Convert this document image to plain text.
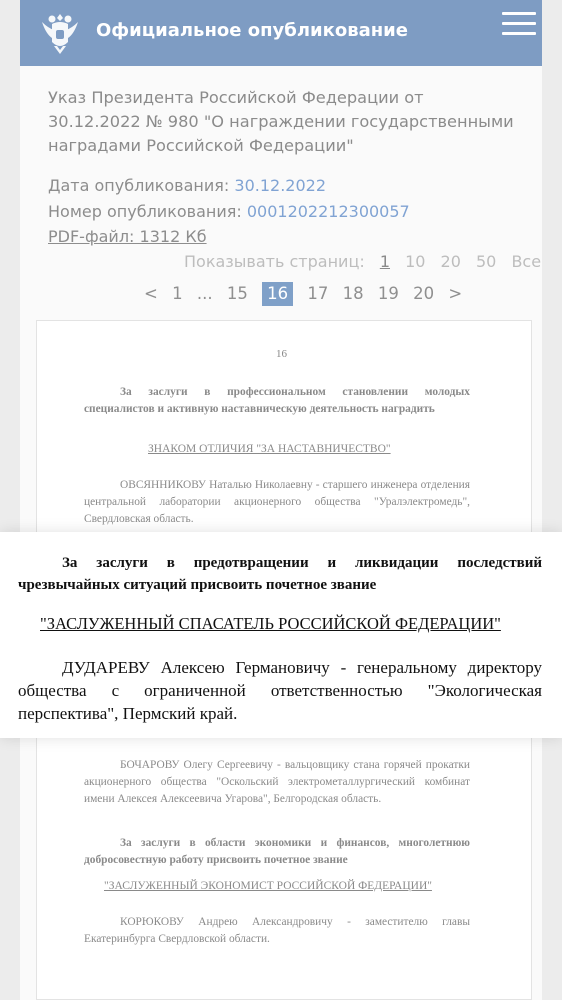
Официальное опубликование
Указ Президента Российской Федерации от 30.12.2022 № 980 "О награждении государственными наградами Российской Федерации"
Дата опубликования: 30.12.2022
Номер опубликования: 0001202212300057
PDF-файл: 1312 Кб
Показывать страниц: 1 10 20 50 Все
< 1 ... 15 16 17 18 19 20 >
16
За заслуги в профессиональном становлении молодых специалистов и активную наставническую деятельность наградить
ЗНАКОМ ОТЛИЧИЯ "ЗА НАСТАВНИЧЕСТВО"
ОВСЯННИКОВУ Наталью Николаевну - старшего инженера отделения центральной лаборатории акционерного общества "Уралэлектромедь", Свердловская область.
За заслуги в предотвращении и ликвидации последствий чрезвычайных ситуаций присвоить почетное звание
"ЗАСЛУЖЕННЫЙ СПАСАТЕЛЬ РОССИЙСКОЙ ФЕДЕРАЦИИ"
ДУДАРЕВУ Алексею Германовичу - генеральному директору общества с ограниченной ответственностью "Экологическая перспектива", Пермский край.
БОЧАРОВУ Олегу Сергеевичу - вальцовщику стана горячей прокатки акционерного общества "Оскольский электрометаллургический комбинат имени Алексея Алексеевича Угарова", Белгородская область.
За заслуги в области экономики и финансов, многолетнюю добросовестную работу присвоить почетное звание
"ЗАСЛУЖЕННЫЙ ЭКОНОМИСТ РОССИЙСКОЙ ФЕДЕРАЦИИ"
КОРЮКОВУ Андрею Александровичу - заместителю главы Екатеринбурга Свердловской области.
